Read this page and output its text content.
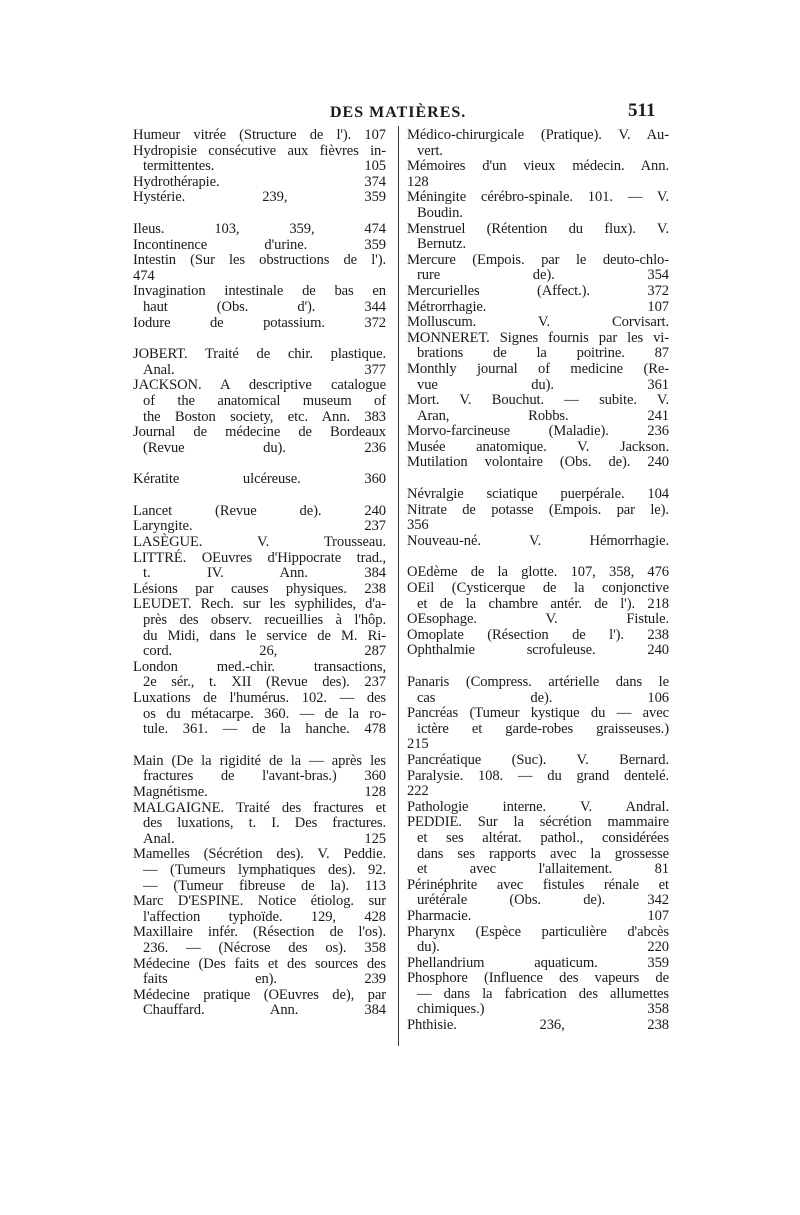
DES MATIÈRES.	511
Humeur vitrée (Structure de l'). 107
Hydropisie consécutive aux fièvres in-
termittentes. 105
Hydrothérapie. 374
Hystérie. 239, 359
Ileus. 103, 359, 474
Incontinence d'urine. 359
Intestin (Sur les obstructions de l').
474
Invagination intestinale de bas en
haut (Obs. d'). 344
Iodure de potassium. 372
JOBERT. Traité de chir. plastique.
Anal. 377
JACKSON. A descriptive catalogue
of the anatomical museum of
the Boston society, etc. Ann. 383
Journal de médecine de Bordeaux
(Revue du). 236
Kératite ulcéreuse. 360
Lancet (Revue de). 240
Laryngite. 237
LASÈGUE. V. Trousseau.
LITTRÉ. OEuvres d'Hippocrate trad.,
t. IV. Ann. 384
Lésions par causes physiques. 238
LEUDET. Rech. sur les syphilides, d'a-
près des observ. recueillies à l'hôp.
du Midi, dans le service de M. Ri-
cord. 26, 287
London med.-chir. transactions,
2e sér., t. XII (Revue des). 237
Luxations de l'humérus. 102. — des
os du métacarpe. 360. — de la ro-
tule. 361. — de la hanche. 478
Main (De la rigidité de la — après les
fractures de l'avant-bras.) 360
Magnétisme. 128
MALGAIGNE. Traité des fractures et
des luxations, t. I. Des fractures.
Anal. 125
Mamelles (Sécrétion des). V. Peddie.
— (Tumeurs lymphatiques des). 92.
— (Tumeur fibreuse de la). 113
Marc D'ESPINE. Notice étiolog. sur
l'affection typhoïde. 129, 428
Maxillaire infér. (Résection de l'os).
236. — (Nécrose des os). 358
Médecine (Des faits et des sources des
faits en). 239
Médecine pratique (OEuvres de), par
Chauffard. Ann. 384
Médico-chirurgicale (Pratique). V. Au-
vert.
Mémoires d'un vieux médecin. Ann.
128
Méningite cérébro-spinale. 101. — V.
Boudin.
Menstruel (Rétention du flux). V.
Bernutz.
Mercure (Empois. par le deuto-chlo-
rure de). 354
Mercurielles (Affect.). 372
Métrorrhagie. 107
Molluscum. V. Corvisart.
MONNERET. Signes fournis par les vi-
brations de la poitrine. 87
Monthly journal of medicine (Re-
vue du). 361
Mort. V. Bouchut. — subite. V.
Aran, Robbs. 241
Morvo-farcineuse (Maladie). 236
Musée anatomique. V. Jackson.
Mutilation volontaire (Obs. de). 240
Névralgie sciatique puerpérale. 104
Nitrate de potasse (Empois. par le).
356
Nouveau-né. V. Hémorrhagie.
OEdème de la glotte. 107, 358, 476
OEil (Cysticerque de la conjonctive
et de la chambre antér. de l'). 218
OEsophage. V. Fistule.
Omoplate (Résection de l'). 238
Ophthalmie scrofuleuse. 240
Panaris (Compress. artérielle dans le
cas de). 106
Pancréas (Tumeur kystique du — avec
ictère et garde-robes graisseuses.)
215
Pancréatique (Suc). V. Bernard.
Paralysie. 108. — du grand dentelé.
222
Pathologie interne. V. Andral.
PEDDIE. Sur la sécrétion mammaire
et ses altérat. pathol., considérées
dans ses rapports avec la grossesse
et avec l'allaitement. 81
Périnéphrite avec fistules rénale et
urétérale (Obs. de). 342
Pharmacie. 107
Pharynx (Espèce particulière d'abcès
du). 220
Phellandrium aquaticum. 359
Phosphore (Influence des vapeurs de
— dans la fabrication des allumettes
chimiques.) 358
Phthisie. 236, 238
